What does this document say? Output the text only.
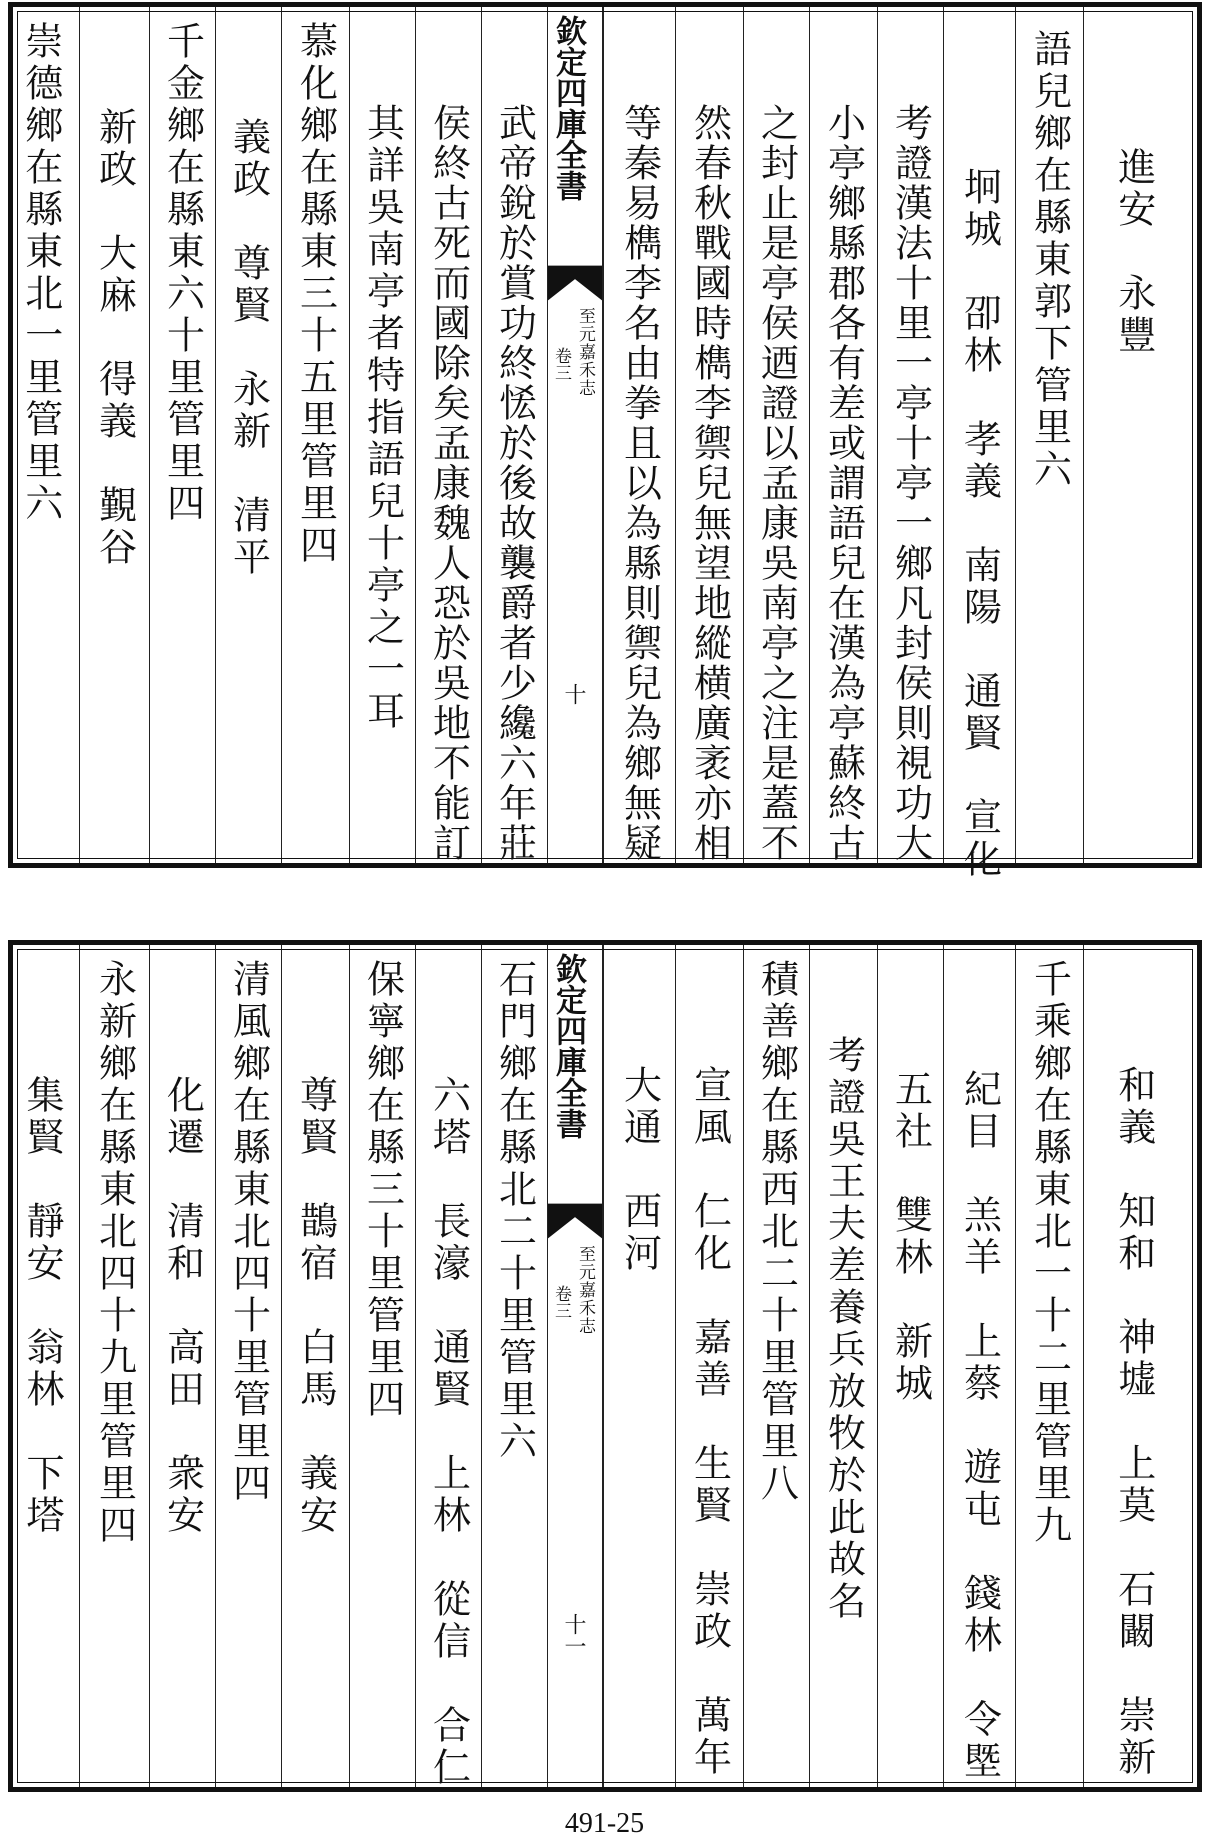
崇德鄉在縣東北一里管里六 新政　大麻　得義　覲谷 千金鄉在縣東六十里管里四 義政　尊賢　永新　清平 慕化鄉在縣東三十五里管里四 其詳吳南亭者特指語兒十亭之一耳 侯終古死而國除矣孟康魏人恐於吳地不能訂 武帝銳於賞功終恡於後故襲爵者少纔六年莊 欽定四庫全書
至元嘉禾志
卷三
十 等秦易檇李名由拳且以為縣則禦兒為鄉無疑 然春秋戰國時檇李禦兒無望地縱横廣袤亦相 之封止是亭侯迺證以孟康吳南亭之注是蓋不 小亭鄉縣郡各有差或謂語兒在漢為亭蘇終古 考證漢法十里一亭十亭一鄉凡封侯則視功大 坰城　卲林　孝義　南陽　通賢　宣化 語兒鄉在縣東郭下管里六 進安　永豐
集賢　靜安　翁林　下塔 永新鄉在縣東北四十九里管里四 化遷　清和　高田　衆安 清風鄉在縣東北四十里管里四 尊賢　鵲宿　白馬　義安 保寧鄉在縣三十里管里四 六塔　長濠　通賢　上林　從信　合仁 石門鄉在縣北二十里管里六 欽定四庫全書
至元嘉禾志
卷三
十一
大通　西河 宣風　仁化　嘉善　生賢　崇政　萬年 積善鄉在縣西北二十里管里八 考證吳王夫差養兵放牧於此故名 五社　雙林　新城 紀目　羔羊　上蔡　遊屯　錢林　令塈 千乘鄉在縣東北一十二里管里九 和義　知和　神墟　上莫　石闞　崇新
491-25
